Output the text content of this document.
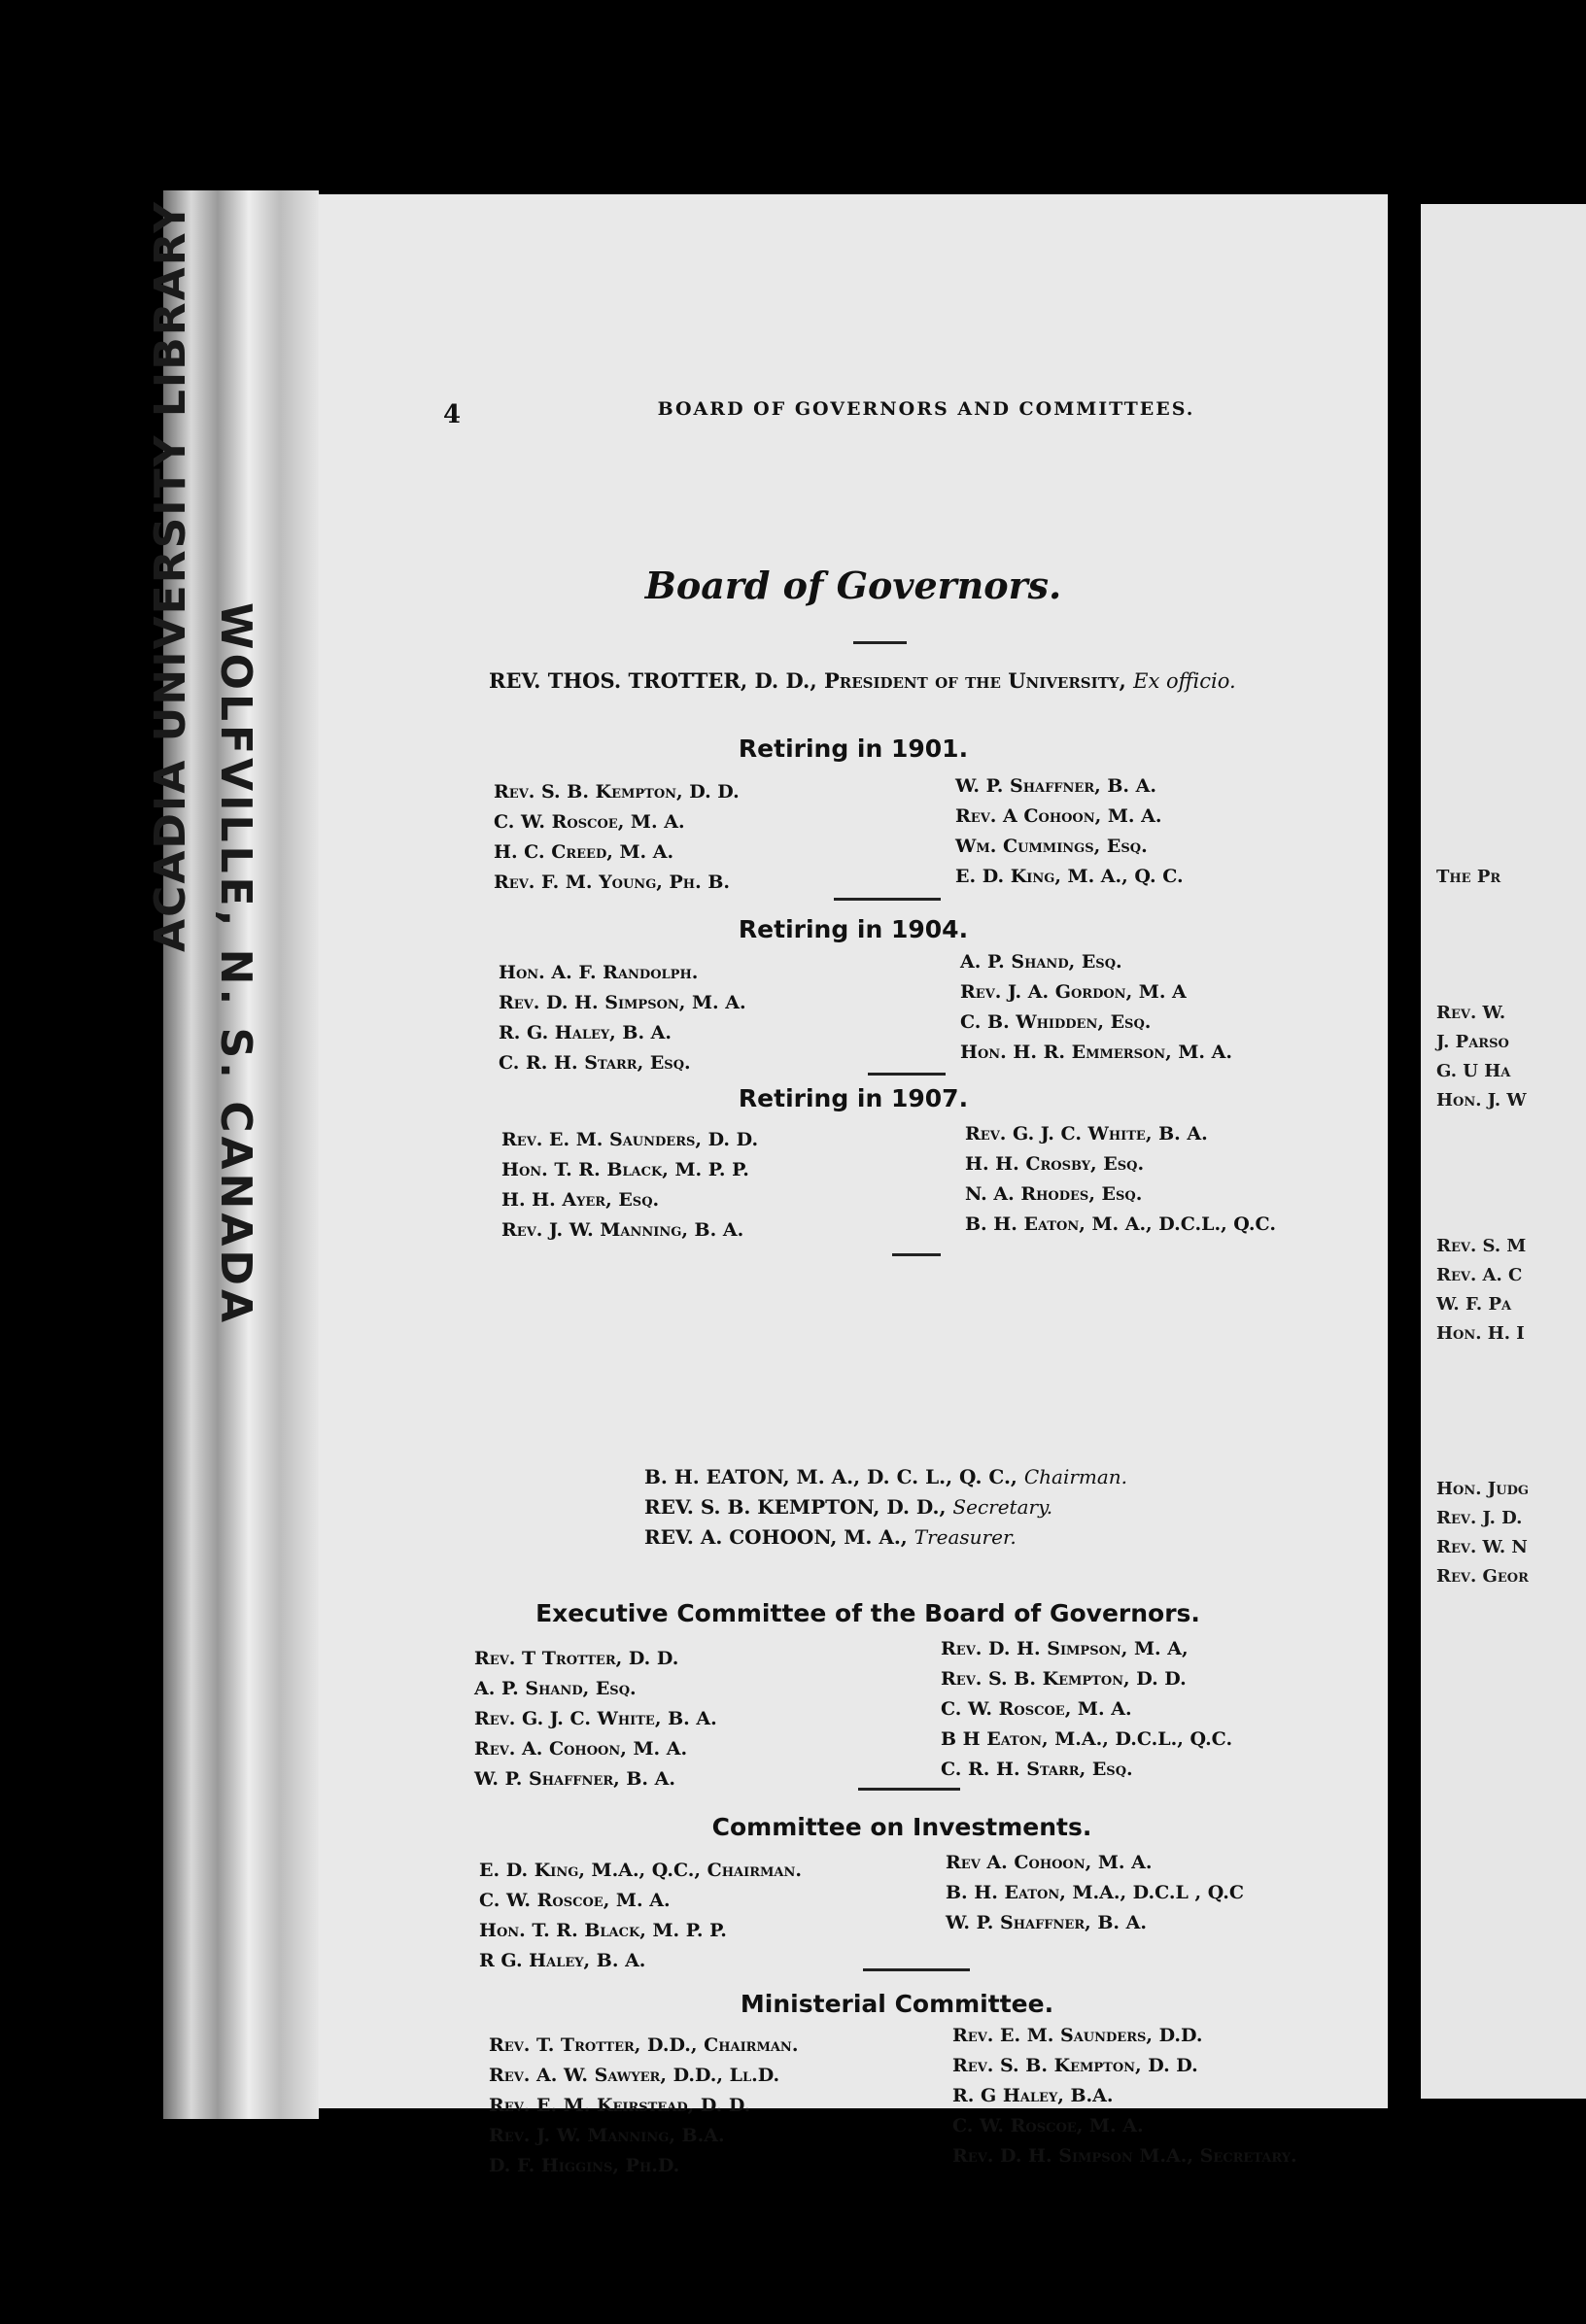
ACADIA UNIVERSITY LIBRARY
WOLFVILLE, N. S. CANADA
4	BOARD OF GOVERNORS AND COMMITTEES.
Board of Governors.
REV. THOS. TROTTER, D. D., President of the University, Ex officio.
Retiring in 1901.
Rev. S. B. Kempton, D. D.
C. W. Roscoe, M. A.
H. C. Creed, M. A.
Rev. F. M. Young, Ph. B.
W. P. Shaffner, B. A.
Rev. A Cohoon, M. A.
Wm. Cummings, Esq.
E. D. King, M. A., Q. C.
Retiring in 1904.
Hon. A. F. Randolph.
Rev. D. H. Simpson, M. A.
R. G. Haley, B. A.
C. R. H. Starr, Esq.
A. P. Shand, Esq.
Rev. J. A. Gordon, M. A
C. B. Whidden, Esq.
Hon. H. R. Emmerson, M. A.
Retiring in 1907.
Rev. E. M. Saunders, D. D.
Hon. T. R. Black, M. P. P.
H. H. Ayer, Esq.
Rev. J. W. Manning, B. A.
Rev. G. J. C. White, B. A.
H. H. Crosby, Esq.
N. A. Rhodes, Esq.
B. H. Eaton, M. A., D.C.L., Q.C.
B. H. EATON, M. A., D. C. L., Q. C., Chairman.
REV. S. B. KEMPTON, D. D., Secretary.
REV. A. COHOON, M. A., Treasurer.
Executive Committee of the Board of Governors.
Rev. T Trotter, D. D.
A. P. Shand, Esq.
Rev. G. J. C. White, B. A.
Rev. A. Cohoon, M. A.
W. P. Shaffner, B. A.
Rev. D. H. Simpson, M. A,
Rev. S. B. Kempton, D. D.
C. W. Roscoe, M. A.
B H Eaton, M.A., D.C.L., Q.C.
C. R. H. Starr, Esq.
Committee on Investments.
E. D. King, M.A., Q.C., Chairman.
C. W. Roscoe, M. A.
Hon. T. R. Black, M. P. P.
R G. Haley, B. A.
Rev A. Cohoon, M. A.
B. H. Eaton, M.A., D.C.L , Q.C
W. P. Shaffner, B. A.
Ministerial Committee.
Rev. T. Trotter, D.D., Chairman.
Rev. A. W. Sawyer, D.D., Ll.D.
Rev. E. M. Keirstead, D. D.
Rev. J. W. Manning, B.A.
D. F. Higgins, Ph.D.
Rev. E. M. Saunders, D.D.
Rev. S. B. Kempton, D. D.
R. G Haley, B.A.
C. W. Roscoe, M. A.
Rev. D. H. Simpson M.A., Secretary.
The Pr
Rev. W.
J. Parso
G. U Ha
Hon. J. W
Rev. S. M
Rev. A. C
W. F. Pa
Hon. H. I
Hon. Judg
Rev. J. D.
Rev. W. N
Rev. Geor
